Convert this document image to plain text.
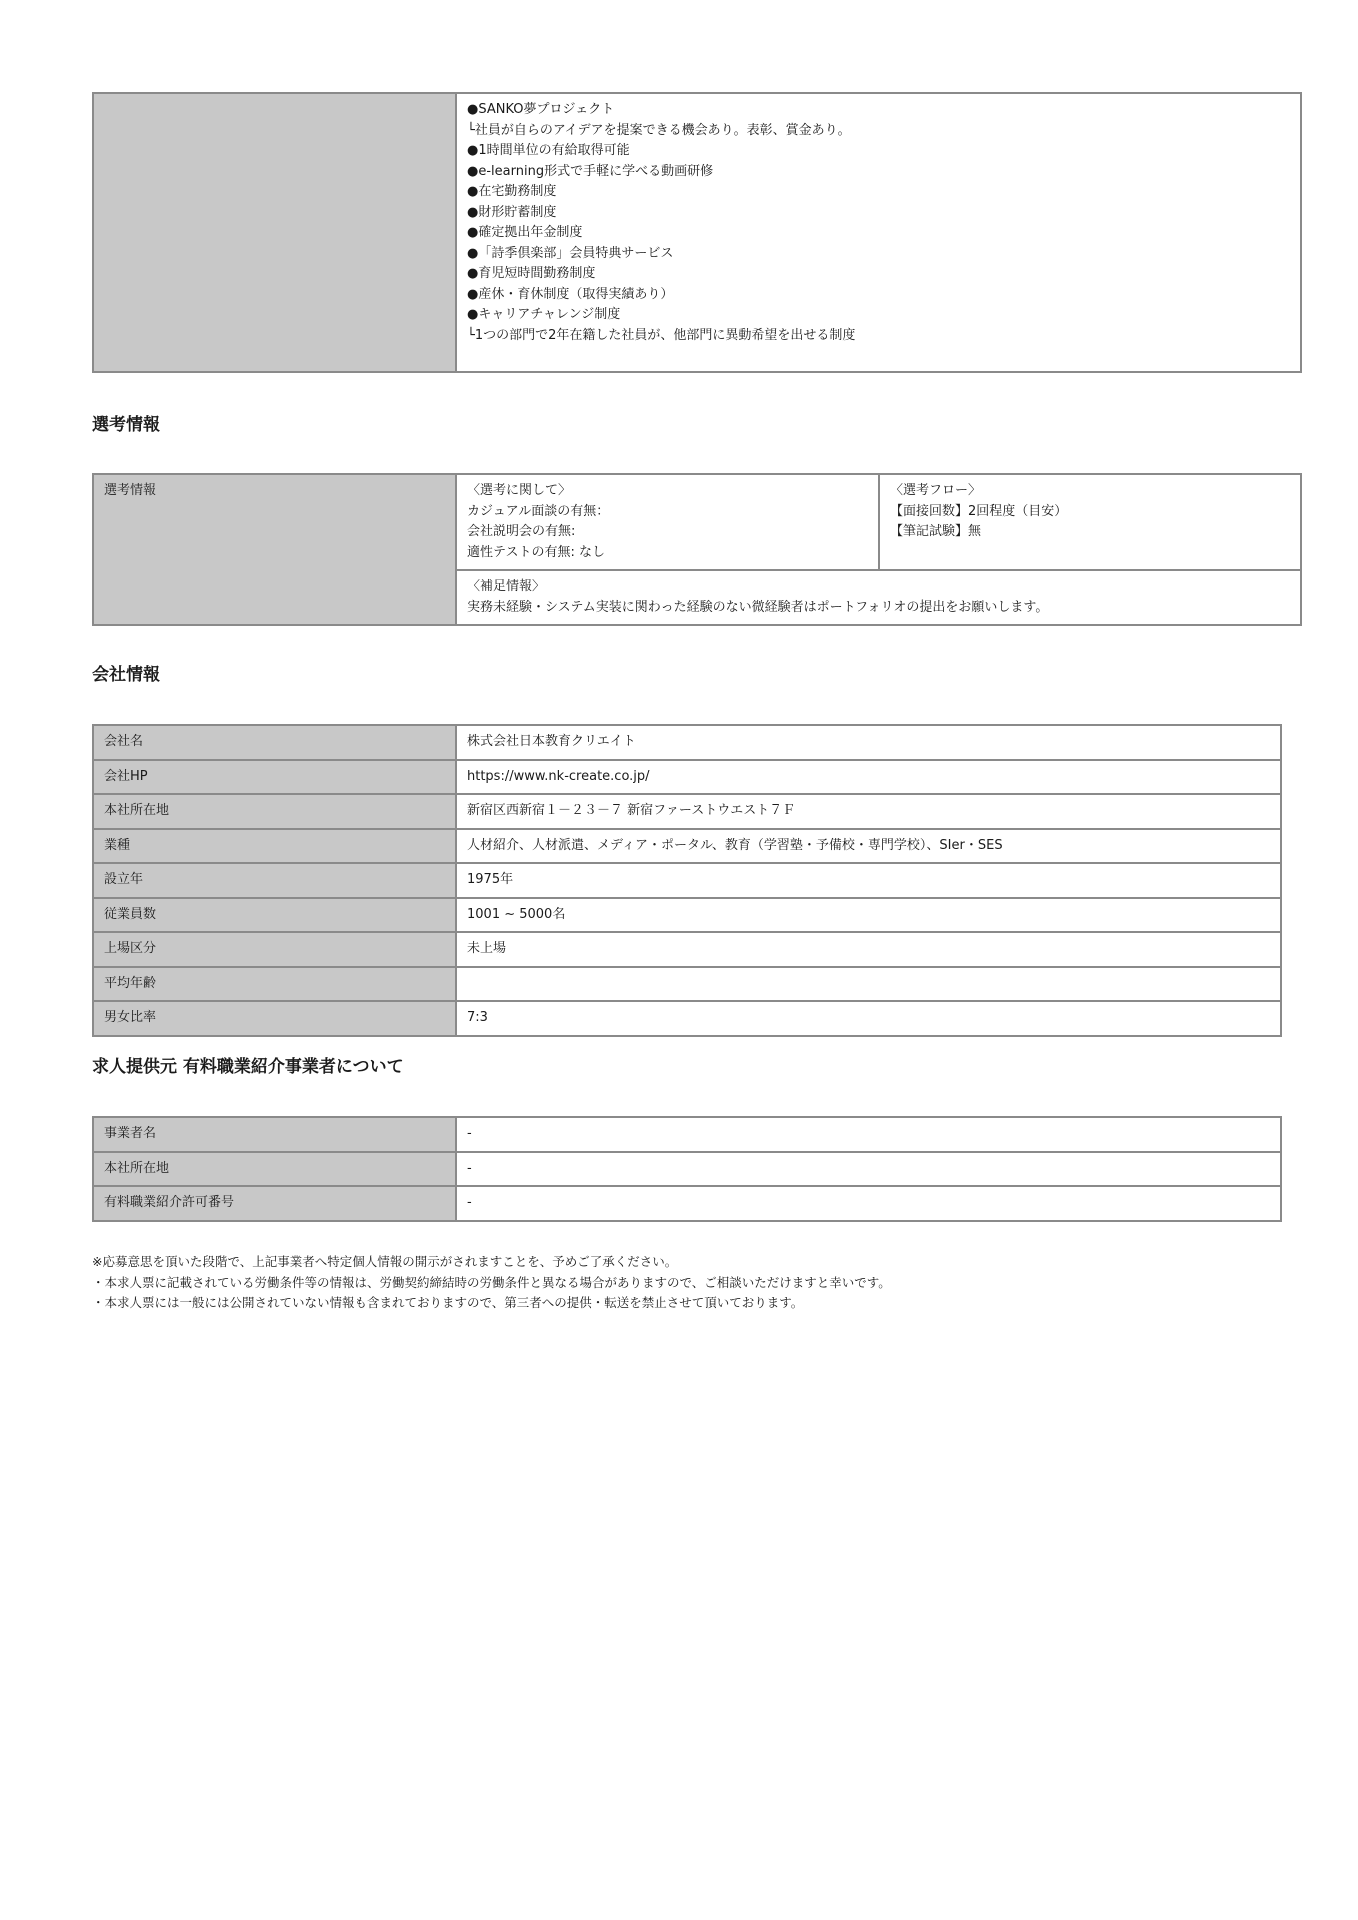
●SANKO夢プロジェクト
└社員が自らのアイデアを提案できる機会あり。表彰、賞金あり。
●1時間単位の有給取得可能
●e-learning形式で手軽に学べる動画研修
●在宅勤務制度
●財形貯蓄制度
●確定拠出年金制度
●「詩季倶楽部」会員特典サービス
●育児短時間勤務制度
●産休・育休制度（取得実績あり）
●キャリアチャレンジ制度
└1つの部門で2年在籍した社員が、他部門に異動希望を出せる制度
選考情報
選考情報	〈選考に関して〉
カジュアル面談の有無：
会社説明会の有無:
適性テストの有無: なし

〈選考フロー〉
【面接回数】2回程度（目安）
【筆記試験】無

〈補足情報〉
実務未経験・システム実装に関わった経験のない微経験者はポートフォリオの提出をお願いします。
会社情報
会社名	株式会社日本教育クリエイト
会社HP	https://www.nk-create.co.jp/
本社所在地	新宿区西新宿１－２３－７ 新宿ファーストウエスト７Ｆ
業種	人材紹介、人材派遣、メディア・ポータル、教育（学習塾・予備校・専門学校）、SIer・SES
設立年	1975年
従業員数	1001 ~ 5000名
上場区分	未上場
平均年齢	
男女比率	7:3
求人提供元 有料職業紹介事業者について
事業者名	-
本社所在地	-
有料職業紹介許可番号	-
※応募意思を頂いた段階で、上記事業者へ特定個人情報の開示がされますことを、予めご了承ください。
・本求人票に記載されている労働条件等の情報は、労働契約締結時の労働条件と異なる場合がありますので、ご相談いただけますと幸いです。
・本求人票には一般には公開されていない情報も含まれておりますので、第三者への提供・転送を禁止させて頂いております。
